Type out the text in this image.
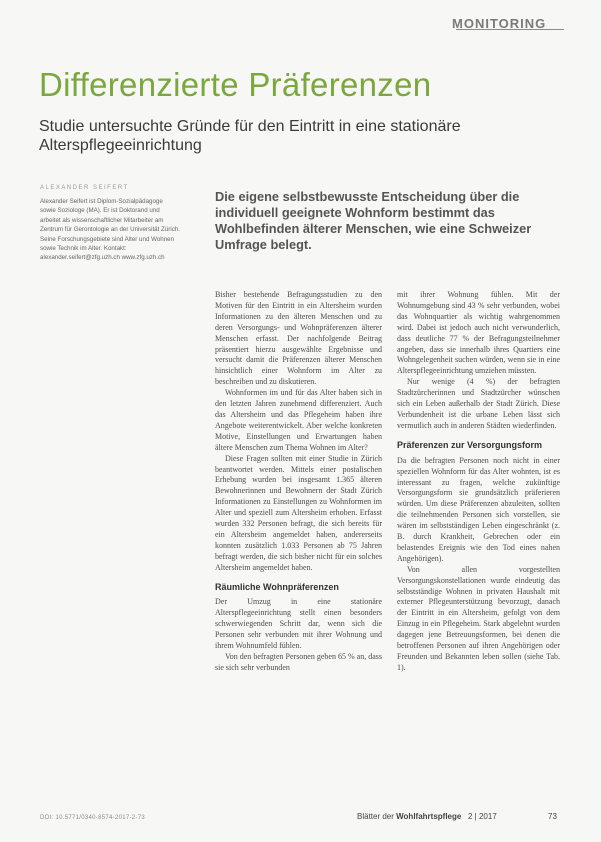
MONITORING
Differenzierte Präferenzen
Studie untersuchte Gründe für den Eintritt in eine stationäre Alterspflegeeinrichtung
ALEXANDER SEIFERT
Alexander Seifert ist Diplom-Sozialpädagoge sowie Soziologe (MA). Er ist Doktorand und arbeitet als wissenschaftlicher Mitarbeiter am Zentrum für Gerontologie an der Universität Zürich. Seine Forschungsgebiete sind Alter und Wohnen sowie Technik im Alter. Kontakt: alexander.seifert@zfg.uzh.ch www.zfg.uzh.ch
Die eigene selbstbewusste Entscheidung über die individuell geeignete Wohnform bestimmt das Wohlbefinden älterer Menschen, wie eine Schweizer Umfrage belegt.

Bisher bestehende Befragungsstudien zu den Motiven für den Eintritt in ein Altersheim wurden Informationen zu den älteren Menschen und zu deren Versorgungs- und Wohnpräferenzen älterer Menschen erfasst. Der nachfolgende Beitrag präsentiert hierzu ausgewählte Ergebnisse und versucht damit die Präferenzen älterer Menschen hinsichtlich einer Wohnform im Alter zu beschreiben und zu diskutieren.

Wohnformen im und für das Alter haben sich in den letzten Jahren zunehmend differenziert. Auch das Altersheim und das Pflegeheim haben ihre Angebote weiterentwickelt. Aber welche konkreten Motive, Einstellungen und Erwartungen haben ältere Menschen zum Thema Wohnen im Alter?

Diese Fragen sollten mit einer Studie in Zürich beantwortet werden. Mittels einer postalischen Erhebung wurden bei insgesamt 1.365 älteren Bewohnerinnen und Bewohnern der Stadt Zürich Informationen zu Einstellungen zu Wohnformen im Alter und speziell zum Altersheim erhoben. Erfasst wurden 332 Personen befragt, die sich bereits für ein Altersheim angemeldet haben, andererseits konnten zusätzlich 1.033 Personen ab 75 Jahren befragt werden, die sich bisher nicht für ein solches Altersheim angemeldet haben.

Räumliche Wohnpräferenzen

Der Umzug in eine stationäre Alterspflegeeinrichtung stellt einen besonders schwerwiegenden Schritt dar, wenn sich die Personen sehr verbunden mit ihrer Wohnung und ihrem Wohnumfeld fühlen.

Von den befragten Personen geben 65 % an, dass sie sich sehr verbunden

mit ihrer Wohnung fühlen. Mit der Wohnumgebung sind 43 % sehr verbunden, wobei das Wohnquartier als wichtig wahrgenommen wird. Dabei ist jedoch auch nicht verwunderlich, dass deutliche 77 % der Befragungsteilnehmer angeben, dass sie innerhalb ihres Quartiers eine Wohngelegenheit suchen würden, wenn sie in eine Alterspflegeeinrichtung umziehen müssten.

Nur wenige (4 %) der befragten Stadtzürcherinnen und Stadtzürcher wünschen sich ein Leben außerhalb der Stadt Zürich. Diese Verbundenheit ist die urbane Leben lässt sich vermutlich auch in anderen Städten wiederfinden.

Präferenzen zur Versorgungsform

Da die befragten Personen noch nicht in einer speziellen Wohnform für das Alter wohnten, ist es interessant zu fragen, welche zukünftige Versorgungsform sie grundsätzlich präferieren würden. Um diese Präferenzen abzuleiten, sollten die teilnehmenden Personen sich vorstellen, sie wären im selbstständigen Leben eingeschränkt (z. B. durch Krankheit, Gebrechen oder ein belastendes Ereignis wie den Tod eines nahen Angehörigen).

Von allen vorgestellten Versorgungskonstellationen wurde eindeutig das selbstständige Wohnen in privaten Haushalt mit externer Pflegeunterstützung bevorzugt, danach der Eintritt in ein Altersheim, gefolgt von dem Einzug in ein Pflegeheim. Stark abgelehnt wurden dagegen jene Betreuungsformen, bei denen die betroffenen Personen auf ihren Angehörigen oder Freunden und Bekannten leben sollen (siehe Tab. 1).

DOI: 10.5771/0340-8574-2017-2-73	Blätter der Wohlfahrtspflege 2 | 2017	73
